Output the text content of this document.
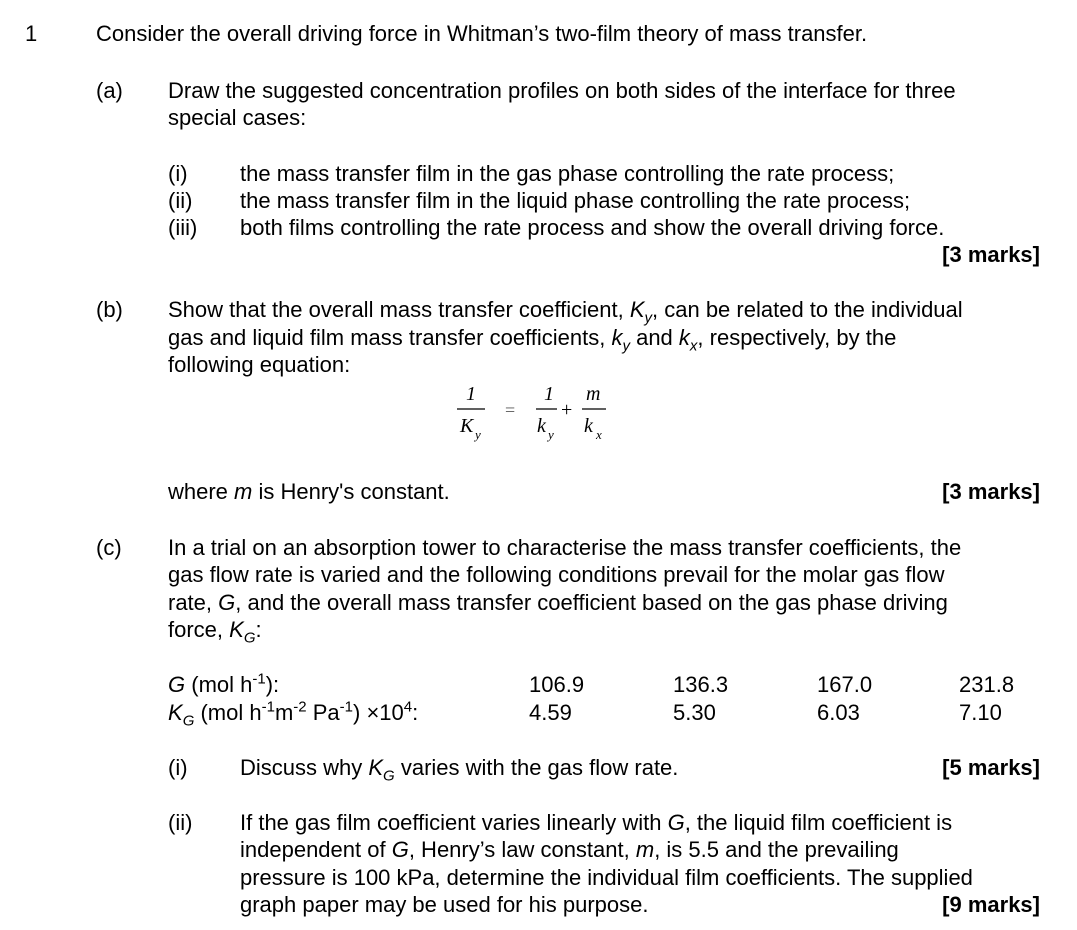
1	Consider the overall driving force in Whitman’s two-film theory of mass transfer.
(a) Draw the suggested concentration profiles on both sides of the interface for three
special cases:
(i) the mass transfer film in the gas phase controlling the rate process;
(ii) the mass transfer film in the liquid phase controlling the rate process;
(iii) both films controlling the rate process and show the overall driving force.
[3 marks]
(b) Show that the overall mass transfer coefficient, $K_y$, can be related to the individual
gas and liquid film mass transfer coefficients, $k_y$ and $k_x$, respectively, by the
following equation:
1
K y
=
1
k y
+
m
k x
where m is Henry's constant.	[3 marks]
(c) In a trial on an absorption tower to characterise the mass transfer coefficients, the
gas flow rate is varied and the following conditions prevail for the molar gas flow
rate, G, and the overall mass transfer coefficient based on the gas phase driving
force, $K_G$:
G (mol $h^{-1}$):	106.9	136.3	167.0	231.8
$K_G$ (mol $h^{-1}m^{-2}$ $Pa^{-1}) \times 10^4$:	4.59	5.30	6.03	7.10
(i) Discuss why $K_G$ varies with the gas flow rate.	[5 marks]
(ii) If the gas film coefficient varies linearly with G, the liquid film coefficient is
independent of G, Henry’s law constant, m, is 5.5 and the prevailing
pressure is 100 kPa, determine the individual film coefficients. The supplied
graph paper may be used for his purpose.	[9 marks]
